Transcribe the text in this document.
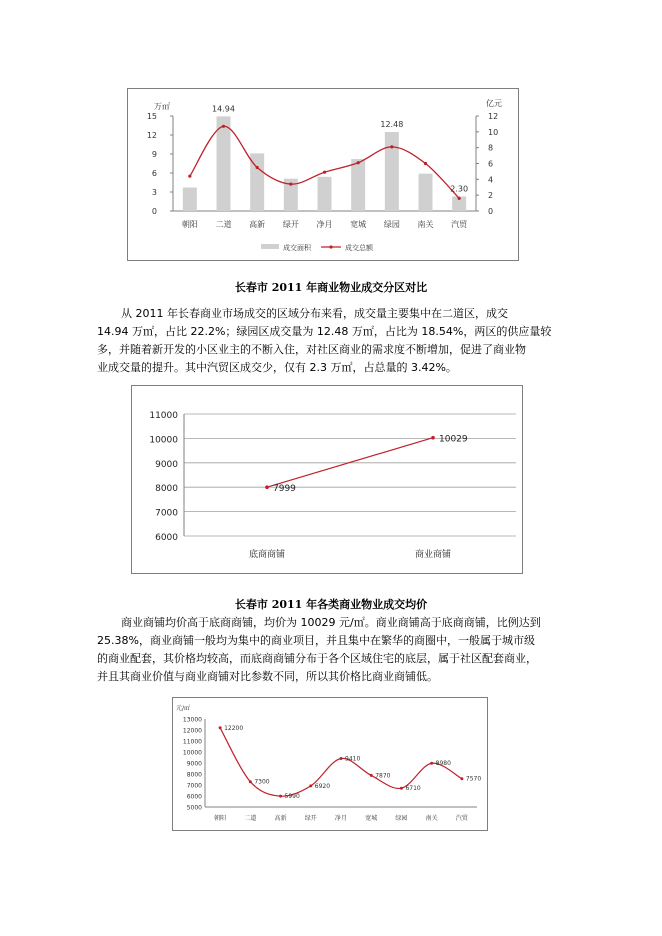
0
3
6
9
12
15
0
2
4
6
8
10
12
万㎡	亿元
朝阳 二道 高新 绿开 净月 宽城 绿园 南关 汽贸
14.94
12.48
2.30
成交面积	成交总额
长春市 2011 年商业物业成交分区对比
从 2011 年长春商业市场成交的区域分布来看，成交量主要集中在二道区，成交
14.94 万㎡，占比 22.2%；绿园区成交量为 12.48 万㎡，占比为 18.54%，两区的供应量较
多，并随着新开发的小区业主的不断入住，对社区商业的需求度不断增加，促进了商业物
业成交量的提升。其中汽贸区成交少，仅有 2.3 万㎡，占总量的 3.42%。
6000
7000
8000
9000
10000
11000
底商商铺	商业商铺
7999
10029
长春市 2011 年各类商业物业成交均价
商业商铺均价高于底商商铺，均价为 10029 元/㎡。商业商铺高于底商商铺，比例达到
25.38%，商业商铺一般均为集中的商业项目，并且集中在繁华的商圈中，一般属于城市级
的商业配套，其价格均较高，而底商商铺分布于各个区域住宅的底层，属于社区配套商业，
并且其商业价值与商业商铺对比参数不同，所以其价格比商业商铺低。
5000
6000
7000
8000
9000
10000
11000
12000
13000
元/㎡
朝阳	二道	高新	绿开	净月	宽城	绿园	南关	汽贸
12200
7300
5990
6920
9410
7870
6710
8980
7570
